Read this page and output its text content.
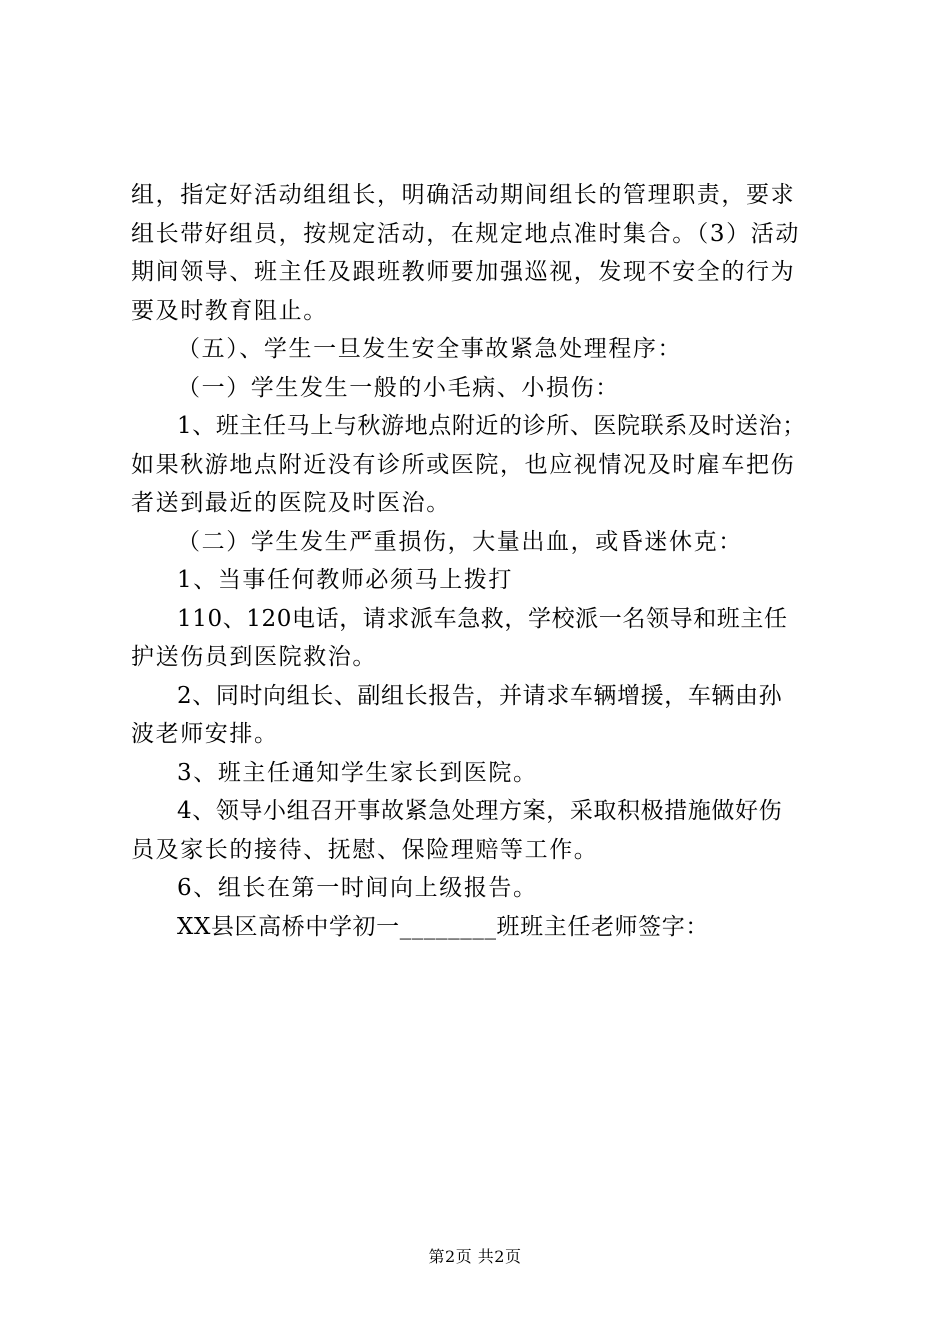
组，指定好活动组组长，明确活动期间组长的管理职责，要求
组长带好组员，按规定活动，在规定地点准时集合。（3）活动
期间领导、班主任及跟班教师要加强巡视，发现不安全的行为
要及时教育阻止。
（五）、学生一旦发生安全事故紧急处理程序：
（一）学生发生一般的小毛病、小损伤：
1、班主任马上与秋游地点附近的诊所、医院联系及时送治；
如果秋游地点附近没有诊所或医院，也应视情况及时雇车把伤
者送到最近的医院及时医治。
（二）学生发生严重损伤，大量出血，或昏迷休克：
1、当事任何教师必须马上拨打
110、120电话，请求派车急救，学校派一名领导和班主任
护送伤员到医院救治。
2、同时向组长、副组长报告，并请求车辆增援，车辆由孙
波老师安排。
3、班主任通知学生家长到医院。
4、领导小组召开事故紧急处理方案，采取积极措施做好伤
员及家长的接待、抚慰、保险理赔等工作。
6、组长在第一时间向上级报告。
XX县区高桥中学初一________班班主任老师签字：
第2页 共2页
